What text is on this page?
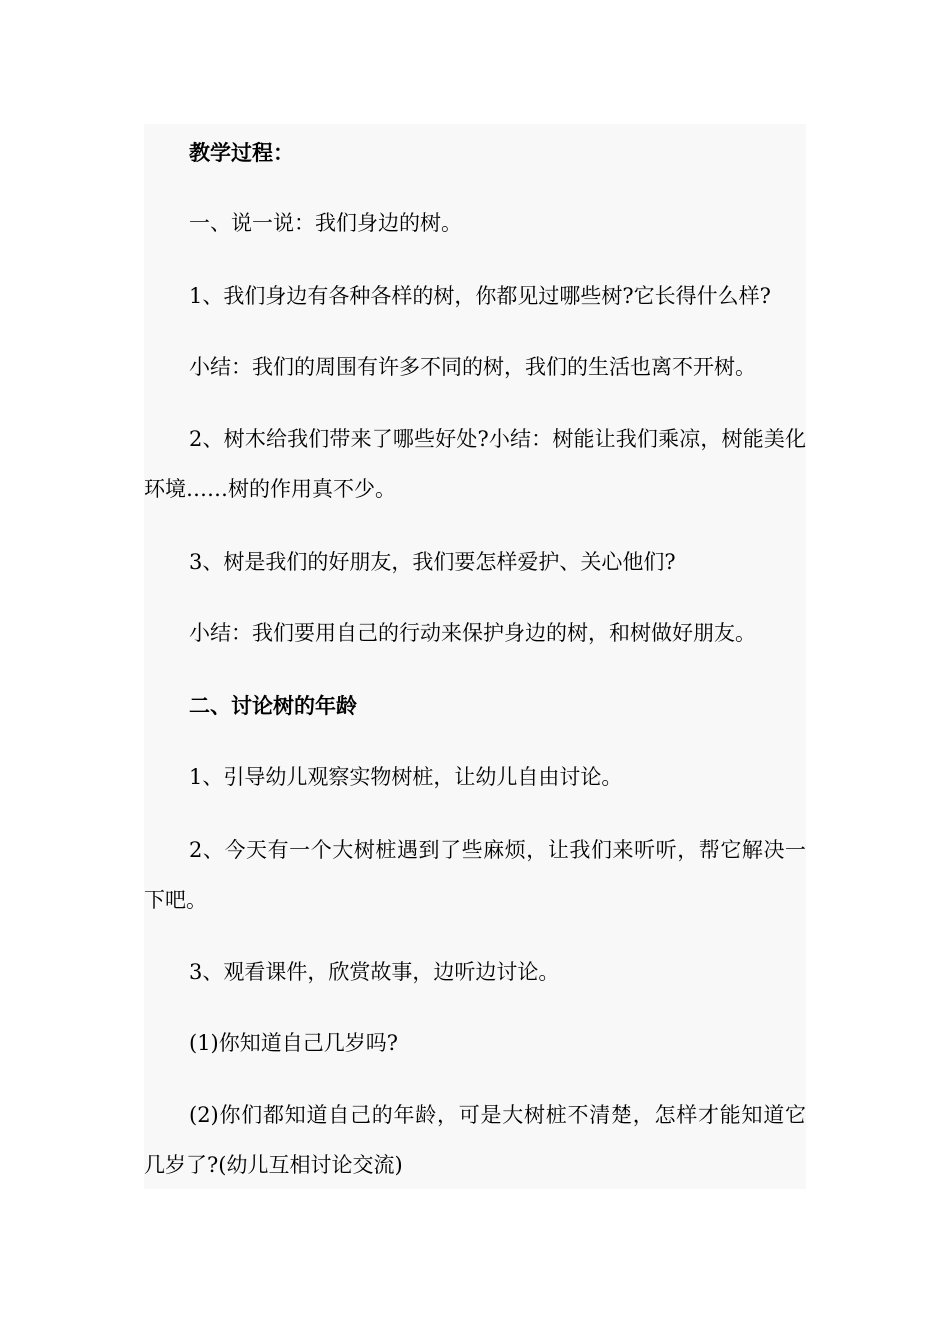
教学过程：

一、说一说：我们身边的树。

1、我们身边有各种各样的树，你都见过哪些树?它长得什么样?

小结：我们的周围有许多不同的树，我们的生活也离不开树。

2、树木给我们带来了哪些好处?小结：树能让我们乘凉，树能美化环境……树的作用真不少。

3、树是我们的好朋友，我们要怎样爱护、关心他们?

小结：我们要用自己的行动来保护身边的树，和树做好朋友。

二、讨论树的年龄

1、引导幼儿观察实物树桩，让幼儿自由讨论。

2、今天有一个大树桩遇到了些麻烦，让我们来听听，帮它解决一下吧。

3、观看课件，欣赏故事，边听边讨论。

(1)你知道自己几岁吗?

(2)你们都知道自己的年龄，可是大树桩不清楚，怎样才能知道它几岁了?(幼儿互相讨论交流)
